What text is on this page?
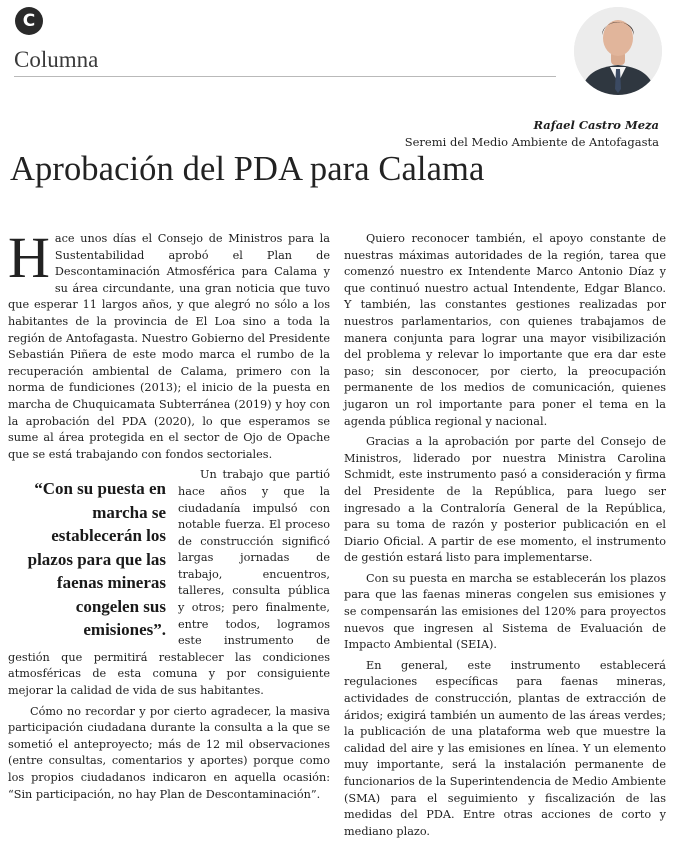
C
Columna
Rafael Castro Meza
Seremi del Medio Ambiente de Antofagasta
Aprobación del PDA para Calama

Hace unos días el Consejo de Ministros para la Sustentabilidad aprobó el Plan de Descontaminación Atmosférica para Calama y su área circundante, una gran noticia que tuvo que esperar 11 largos años, y que alegró no sólo a los habitantes de la provincia de El Loa sino a toda la región de Antofagasta. Nuestro Gobierno del Presidente Sebastián Piñera de este modo marca el rumbo de la recuperación ambiental de Calama, primero con la norma de fundiciones (2013); el inicio de la puesta en marcha de Chuquicamata Subterránea (2019) y hoy con la aprobación del PDA (2020), lo que esperamos se sume al área protegida en el sector de Ojo de Opache que se está trabajando con fondos sectoriales.

“Con su puesta en marcha se establecerán los plazos para que las faenas mineras congelen sus emisiones”.

Un trabajo que partió hace años y que la ciudadanía impulsó con notable fuerza. El proceso de construcción significó largas jornadas de trabajo, encuentros, talleres, consulta pública y otros; pero finalmente, entre todos, logramos este instrumento de gestión que permitirá restablecer las condiciones atmosféricas de esta comuna y por consiguiente mejorar la calidad de vida de sus habitantes.

Cómo no recordar y por cierto agradecer, la masiva participación ciudadana durante la consulta a la que se sometió el anteproyecto; más de 12 mil observaciones (entre consultas, comentarios y aportes) porque como los propios ciudadanos indicaron en aquella ocasión: “Sin participación, no hay Plan de Descontaminación”.

Quiero reconocer también, el apoyo constante de nuestras máximas autoridades de la región, tarea que comenzó nuestro ex Intendente Marco Antonio Díaz y que continuó nuestro actual Intendente, Edgar Blanco. Y también, las constantes gestiones realizadas por nuestros parlamentarios, con quienes trabajamos de manera conjunta para lograr una mayor visibilización del problema y relevar lo importante que era dar este paso; sin desconocer, por cierto, la preocupación permanente de los medios de comunicación, quienes jugaron un rol importante para poner el tema en la agenda pública regional y nacional.

Gracias a la aprobación por parte del Consejo de Ministros, liderado por nuestra Ministra Carolina Schmidt, este instrumento pasó a consideración y firma del Presidente de la República, para luego ser ingresado a la Contraloría General de la República, para su toma de razón y posterior publicación en el Diario Oficial. A partir de ese momento, el instrumento de gestión estará listo para implementarse.

Con su puesta en marcha se establecerán los plazos para que las faenas mineras congelen sus emisiones y se compensarán las emisiones del 120% para proyectos nuevos que ingresen al Sistema de Evaluación de Impacto Ambiental (SEIA).

En general, este instrumento establecerá regulaciones específicas para faenas mineras, actividades de construcción, plantas de extracción de áridos; exigirá también un aumento de las áreas verdes; la publicación de una plataforma web que muestre la calidad del aire y las emisiones en línea. Y un elemento muy importante, será la instalación permanente de funcionarios de la Superintendencia de Medio Ambiente (SMA) para el seguimiento y fiscalización de las medidas del PDA. Entre otras acciones de corto y mediano plazo.
